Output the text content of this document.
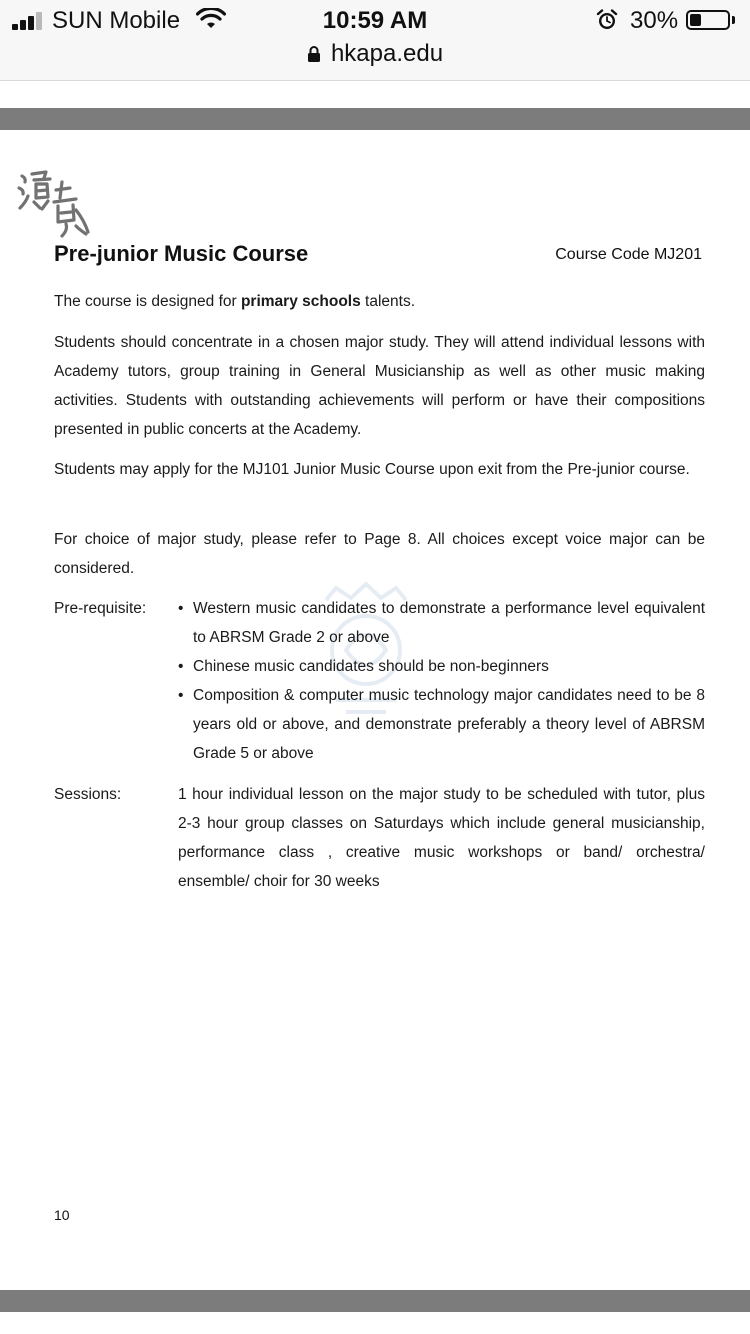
SUN Mobile	10:59 AM	30%
hkapa.edu
Pre-junior Music Course	Course Code MJ201
The course is designed for primary schools talents.
Students should concentrate in a chosen major study. They will attend individual lessons with Academy tutors, group training in General Musicianship as well as other music making activities. Students with outstanding achievements will perform or have their compositions presented in public concerts at the Academy.
Students may apply for the MJ101 Junior Music Course upon exit from the Pre-junior course.
For choice of major study, please refer to Page 8. All choices except voice major can be considered.
Pre-requisite: • Western music candidates to demonstrate a performance level equivalent to ABRSM Grade 2 or above
• Chinese music candidates should be non-beginners
• Composition & computer music technology major candidates need to be 8 years old or above, and demonstrate preferably a theory level of ABRSM Grade 5 or above
Sessions:	1 hour individual lesson on the major study to be scheduled with tutor, plus 2-3 hour group classes on Saturdays which include general musicianship, performance class , creative music workshops or band/ orchestra/ ensemble/ choir for 30 weeks
10
